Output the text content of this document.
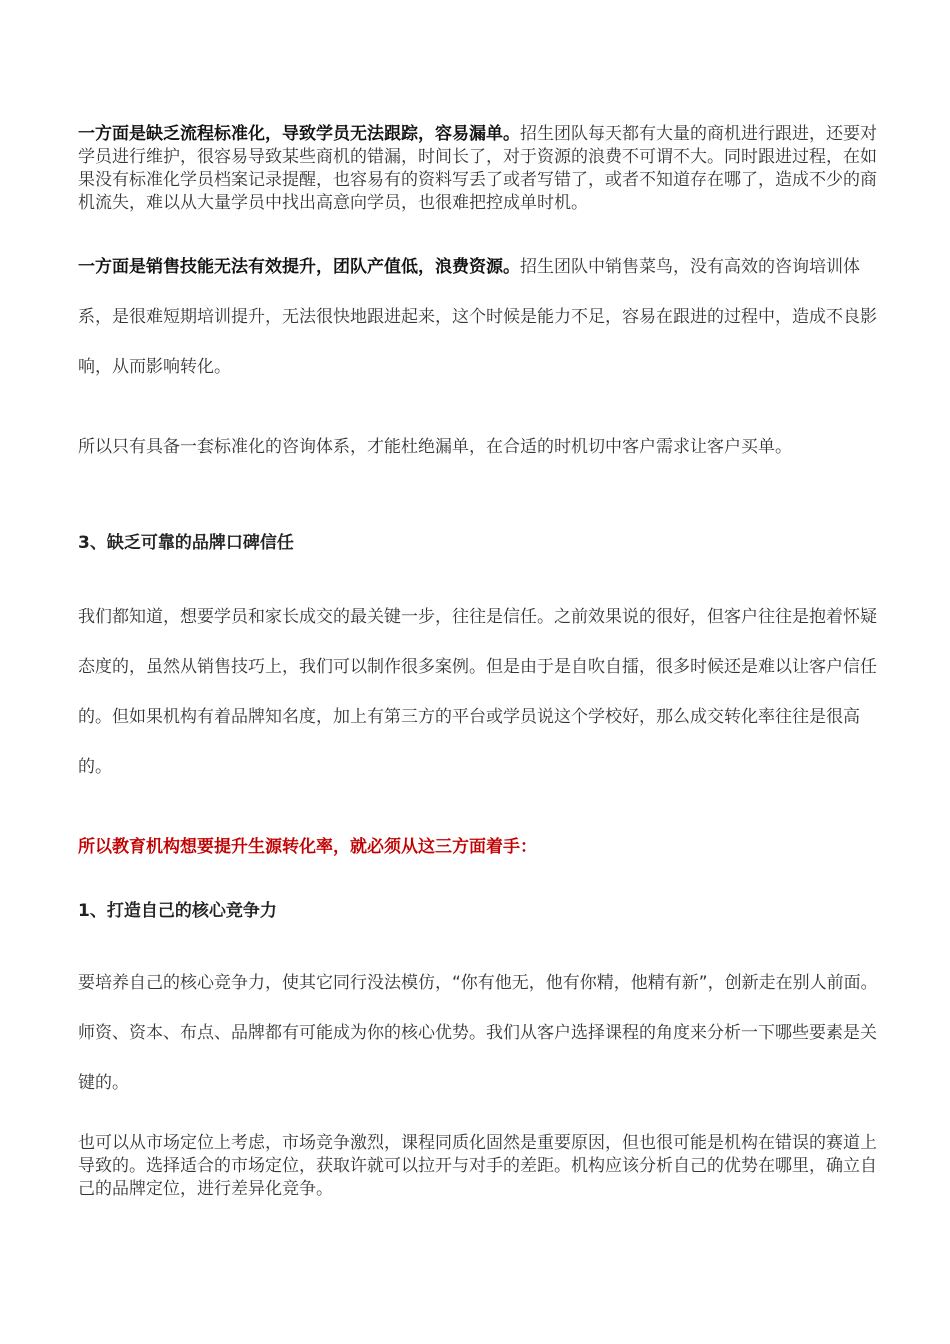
一方面是缺乏流程标准化，导致学员无法跟踪，容易漏单。招生团队每天都有大量的商机进行跟进，还要对学员进行维护，很容易导致某些商机的错漏，时间长了，对于资源的浪费不可谓不大。同时跟进过程，在如果没有标准化学员档案记录提醒，也容易有的资料写丢了或者写错了，或者不知道存在哪了，造成不少的商机流失，难以从大量学员中找出高意向学员，也很难把控成单时机。
一方面是销售技能无法有效提升，团队产值低，浪费资源。招生团队中销售菜鸟，没有高效的咨询培训体系，是很难短期培训提升，无法很快地跟进起来，这个时候是能力不足，容易在跟进的过程中，造成不良影响，从而影响转化。
所以只有具备一套标准化的咨询体系，才能杜绝漏单，在合适的时机切中客户需求让客户买单。
3、缺乏可靠的品牌口碑信任
我们都知道，想要学员和家长成交的最关键一步，往往是信任。之前效果说的很好，但客户往往是抱着怀疑态度的，虽然从销售技巧上，我们可以制作很多案例。但是由于是自吹自擂，很多时候还是难以让客户信任的。但如果机构有着品牌知名度，加上有第三方的平台或学员说这个学校好，那么成交转化率往往是很高的。
所以教育机构想要提升生源转化率，就必须从这三方面着手：
1、打造自己的核心竞争力
要培养自己的核心竞争力，使其它同行没法模仿，“你有他无，他有你精，他精有新”，创新走在别人前面。师资、资本、布点、品牌都有可能成为你的核心优势。我们从客户选择课程的角度来分析一下哪些要素是关键的。
也可以从市场定位上考虑，市场竞争激烈，课程同质化固然是重要原因，但也很可能是机构在错误的赛道上导致的。选择适合的市场定位，获取许就可以拉开与对手的差距。机构应该分析自己的优势在哪里，确立自己的品牌定位，进行差异化竞争。
